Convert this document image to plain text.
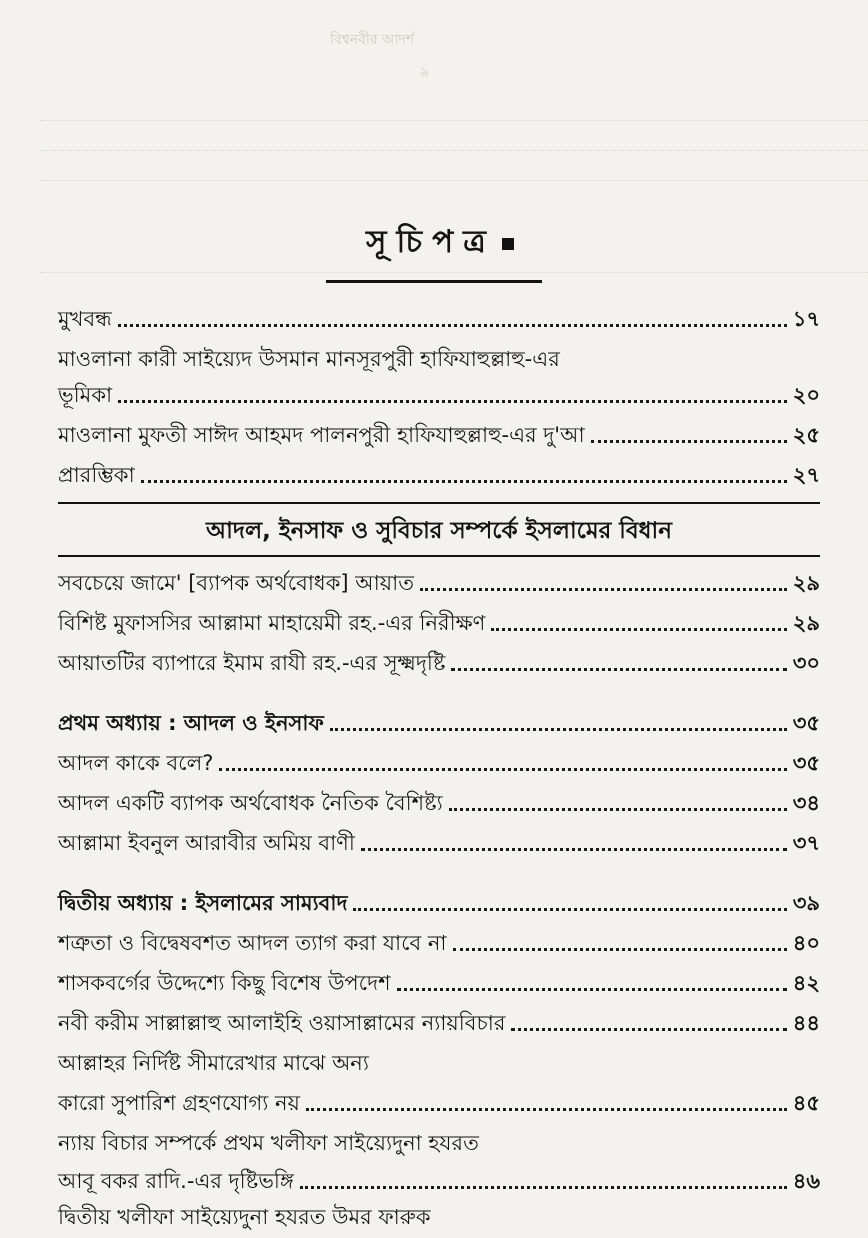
বিশ্বনবীর আদর্শ
৯
সূচিপত্র
মুখবন্ধ	১৭
মাওলানা কারী সাইয়্যেদ উসমান মানসূরপুরী হাফিযাহুল্লাহু-এর
ভূমিকা	২০
মাওলানা মুফতী সাঈদ আহমদ পালনপুরী হাফিযাহুল্লাহু-এর দু'আ	২৫
প্রারম্ভিকা	২৭
আদল, ইনসাফ ও সুবিচার সম্পর্কে ইসলামের বিধান
সবচেয়ে জামে' [ব্যাপক অর্থবোধক] আয়াত	২৯
বিশিষ্ট মুফাসসির আল্লামা মাহায়েমী রহ.-এর নিরীক্ষণ	২৯
আয়াতটির ব্যাপারে ইমাম রাযী রহ.-এর সূক্ষ্মদৃষ্টি	৩০
প্রথম অধ্যায় : আদল ও ইনসাফ	৩৫
আদল কাকে বলে?	৩৫
আদল একটি ব্যাপক অর্থবোধক নৈতিক বৈশিষ্ট্য	৩৪
আল্লামা ইবনুল আরাবীর অমিয় বাণী	৩৭
দ্বিতীয় অধ্যায় : ইসলামের সাম্যবাদ	৩৯
শত্রুতা ও বিদ্বেষবশত আদল ত্যাগ করা যাবে না	৪০
শাসকবর্গের উদ্দেশ্যে কিছু বিশেষ উপদেশ	৪২
নবী করীম সাল্লাল্লাহু আলাইহি ওয়াসাল্লামের ন্যায়বিচার	৪৪
আল্লাহর নির্দিষ্ট সীমারেখার মাঝে অন্য
কারো সুপারিশ গ্রহণযোগ্য নয়	৪৫
ন্যায় বিচার সম্পর্কে প্রথম খলীফা সাইয়্যেদুনা হযরত
আবূ বকর রাদি.-এর দৃষ্টিভঙ্গি	৪৬
দ্বিতীয় খলীফা সাইয়্যেদুনা হযরত উমর ফারুক
